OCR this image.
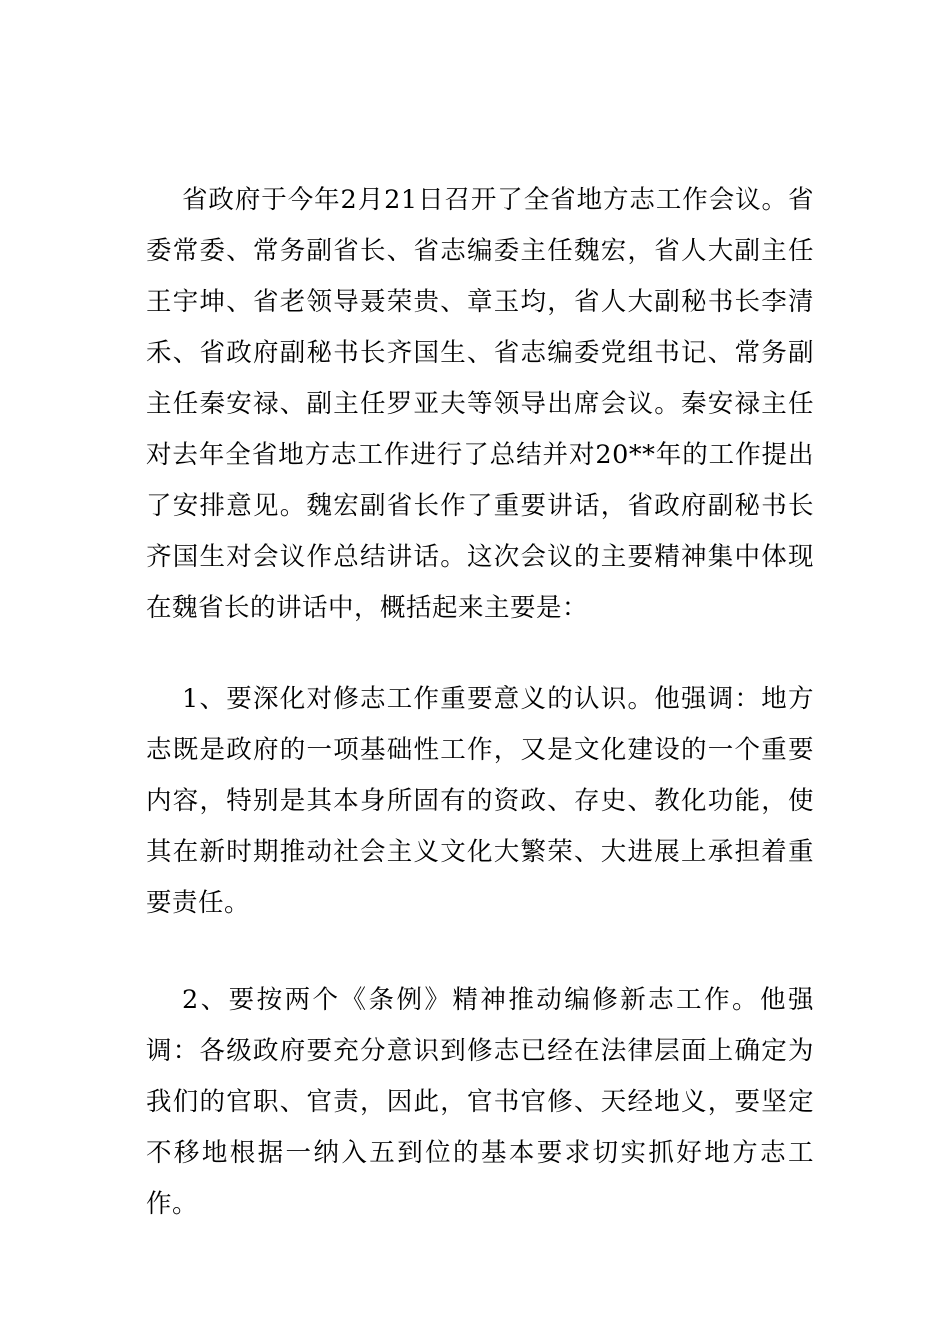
省政府于今年2月21日召开了全省地方志工作会议。省委常委、常务副省长、省志编委主任魏宏，省人大副主任王宇坤、省老领导聂荣贵、章玉均，省人大副秘书长李清禾、省政府副秘书长齐国生、省志编委党组书记、常务副主任秦安禄、副主任罗亚夫等领导出席会议。秦安禄主任对去年全省地方志工作进行了总结并对20**年的工作提出了安排意见。魏宏副省长作了重要讲话，省政府副秘书长齐国生对会议作总结讲话。这次会议的主要精神集中体现在魏省长的讲话中，概括起来主要是：

1、要深化对修志工作重要意义的认识。他强调：地方志既是政府的一项基础性工作，又是文化建设的一个重要内容，特别是其本身所固有的资政、存史、教化功能，使其在新时期推动社会主义文化大繁荣、大进展上承担着重要责任。

2、要按两个《条例》精神推动编修新志工作。他强调：各级政府要充分意识到修志已经在法律层面上确定为我们的官职、官责，因此，官书官修、天经地义，要坚定不移地根据一纳入五到位的基本要求切实抓好地方志工作。
